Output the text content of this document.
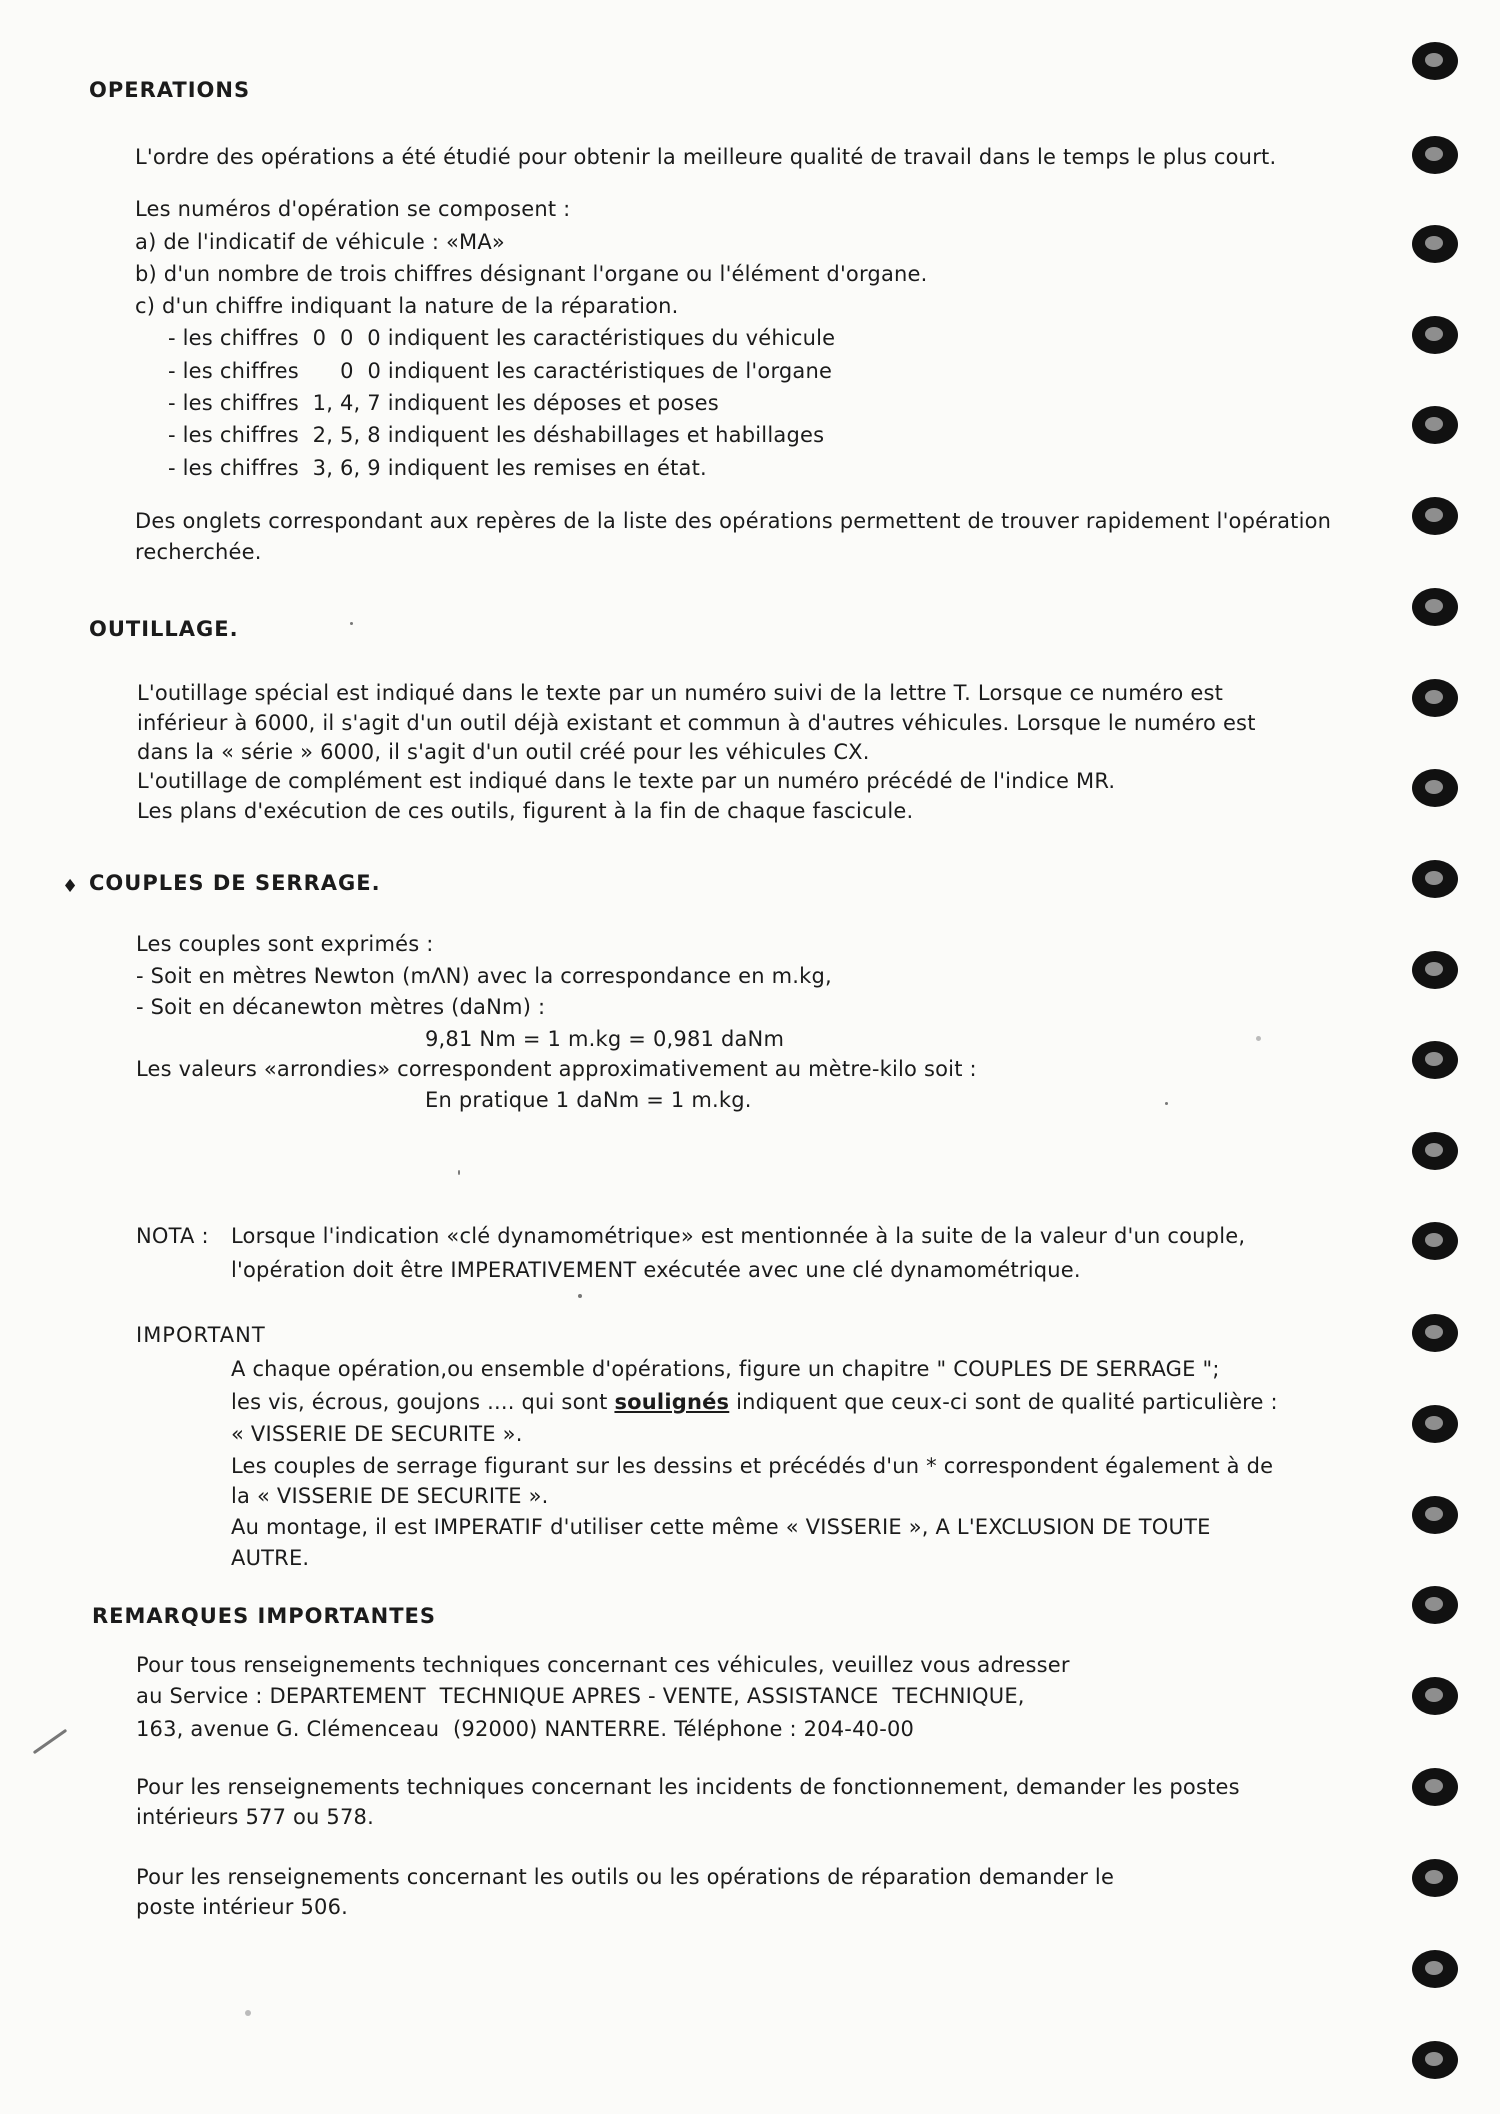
OPERATIONS
L'ordre des opérations a été étudié pour obtenir la meilleure qualité de travail dans le temps le plus court.
Les numéros d'opération se composent :
a) de l'indicatif de véhicule : «MA»
b) d'un nombre de trois chiffres désignant l'organe ou l'élément d'organe.
c) d'un chiffre indiquant la nature de la réparation.
- les chiffres  0  0  0 indiquent les caractéristiques du véhicule
- les chiffres      0  0 indiquent les caractéristiques de l'organe
- les chiffres  1, 4, 7 indiquent les déposes et poses
- les chiffres  2, 5, 8 indiquent les déshabillages et habillages
- les chiffres  3, 6, 9 indiquent les remises en état.
Des onglets correspondant aux repères de la liste des opérations permettent de trouver rapidement l'opération
recherchée.
OUTILLAGE.
L'outillage spécial est indiqué dans le texte par un numéro suivi de la lettre T. Lorsque ce numéro est
inférieur à 6000, il s'agit d'un outil déjà existant et commun à d'autres véhicules. Lorsque le numéro est
dans la « série » 6000, il s'agit d'un outil créé pour les véhicules CX.
L'outillage de complément est indiqué dans le texte par un numéro précédé de l'indice MR.
Les plans d'exécution de ces outils, figurent à la fin de chaque fascicule.
♦ COUPLES DE SERRAGE.
Les couples sont exprimés :
- Soit en mètres Newton (mΛN) avec la correspondance en m.kg,
- Soit en décanewton mètres (daNm) :
9,81 Nm = 1 m.kg = 0,981 daNm
Les valeurs «arrondies» correspondent approximativement au mètre-kilo soit :
En pratique 1 daNm = 1 m.kg.
NOTA : Lorsque l'indication «clé dynamométrique» est mentionnée à la suite de la valeur d'un couple,
l'opération doit être IMPERATIVEMENT exécutée avec une clé dynamométrique.
IMPORTANT
A chaque opération,ou ensemble d'opérations, figure un chapitre " COUPLES DE SERRAGE ";
les vis, écrous, goujons .... qui sont soulignés indiquent que ceux-ci sont de qualité particulière :
« VISSERIE DE SECURITE ».
Les couples de serrage figurant sur les dessins et précédés d'un * correspondent également à de
la « VISSERIE DE SECURITE ».
Au montage, il est IMPERATIF d'utiliser cette même « VISSERIE », A L'EXCLUSION DE TOUTE
AUTRE.
REMARQUES IMPORTANTES
Pour tous renseignements techniques concernant ces véhicules, veuillez vous adresser
au Service : DEPARTEMENT  TECHNIQUE APRES - VENTE, ASSISTANCE  TECHNIQUE,
163, avenue G. Clémenceau  (92000) NANTERRE. Téléphone : 204-40-00
Pour les renseignements techniques concernant les incidents de fonctionnement, demander les postes
intérieurs 577 ou 578.
Pour les renseignements concernant les outils ou les opérations de réparation demander le
poste intérieur 506.
